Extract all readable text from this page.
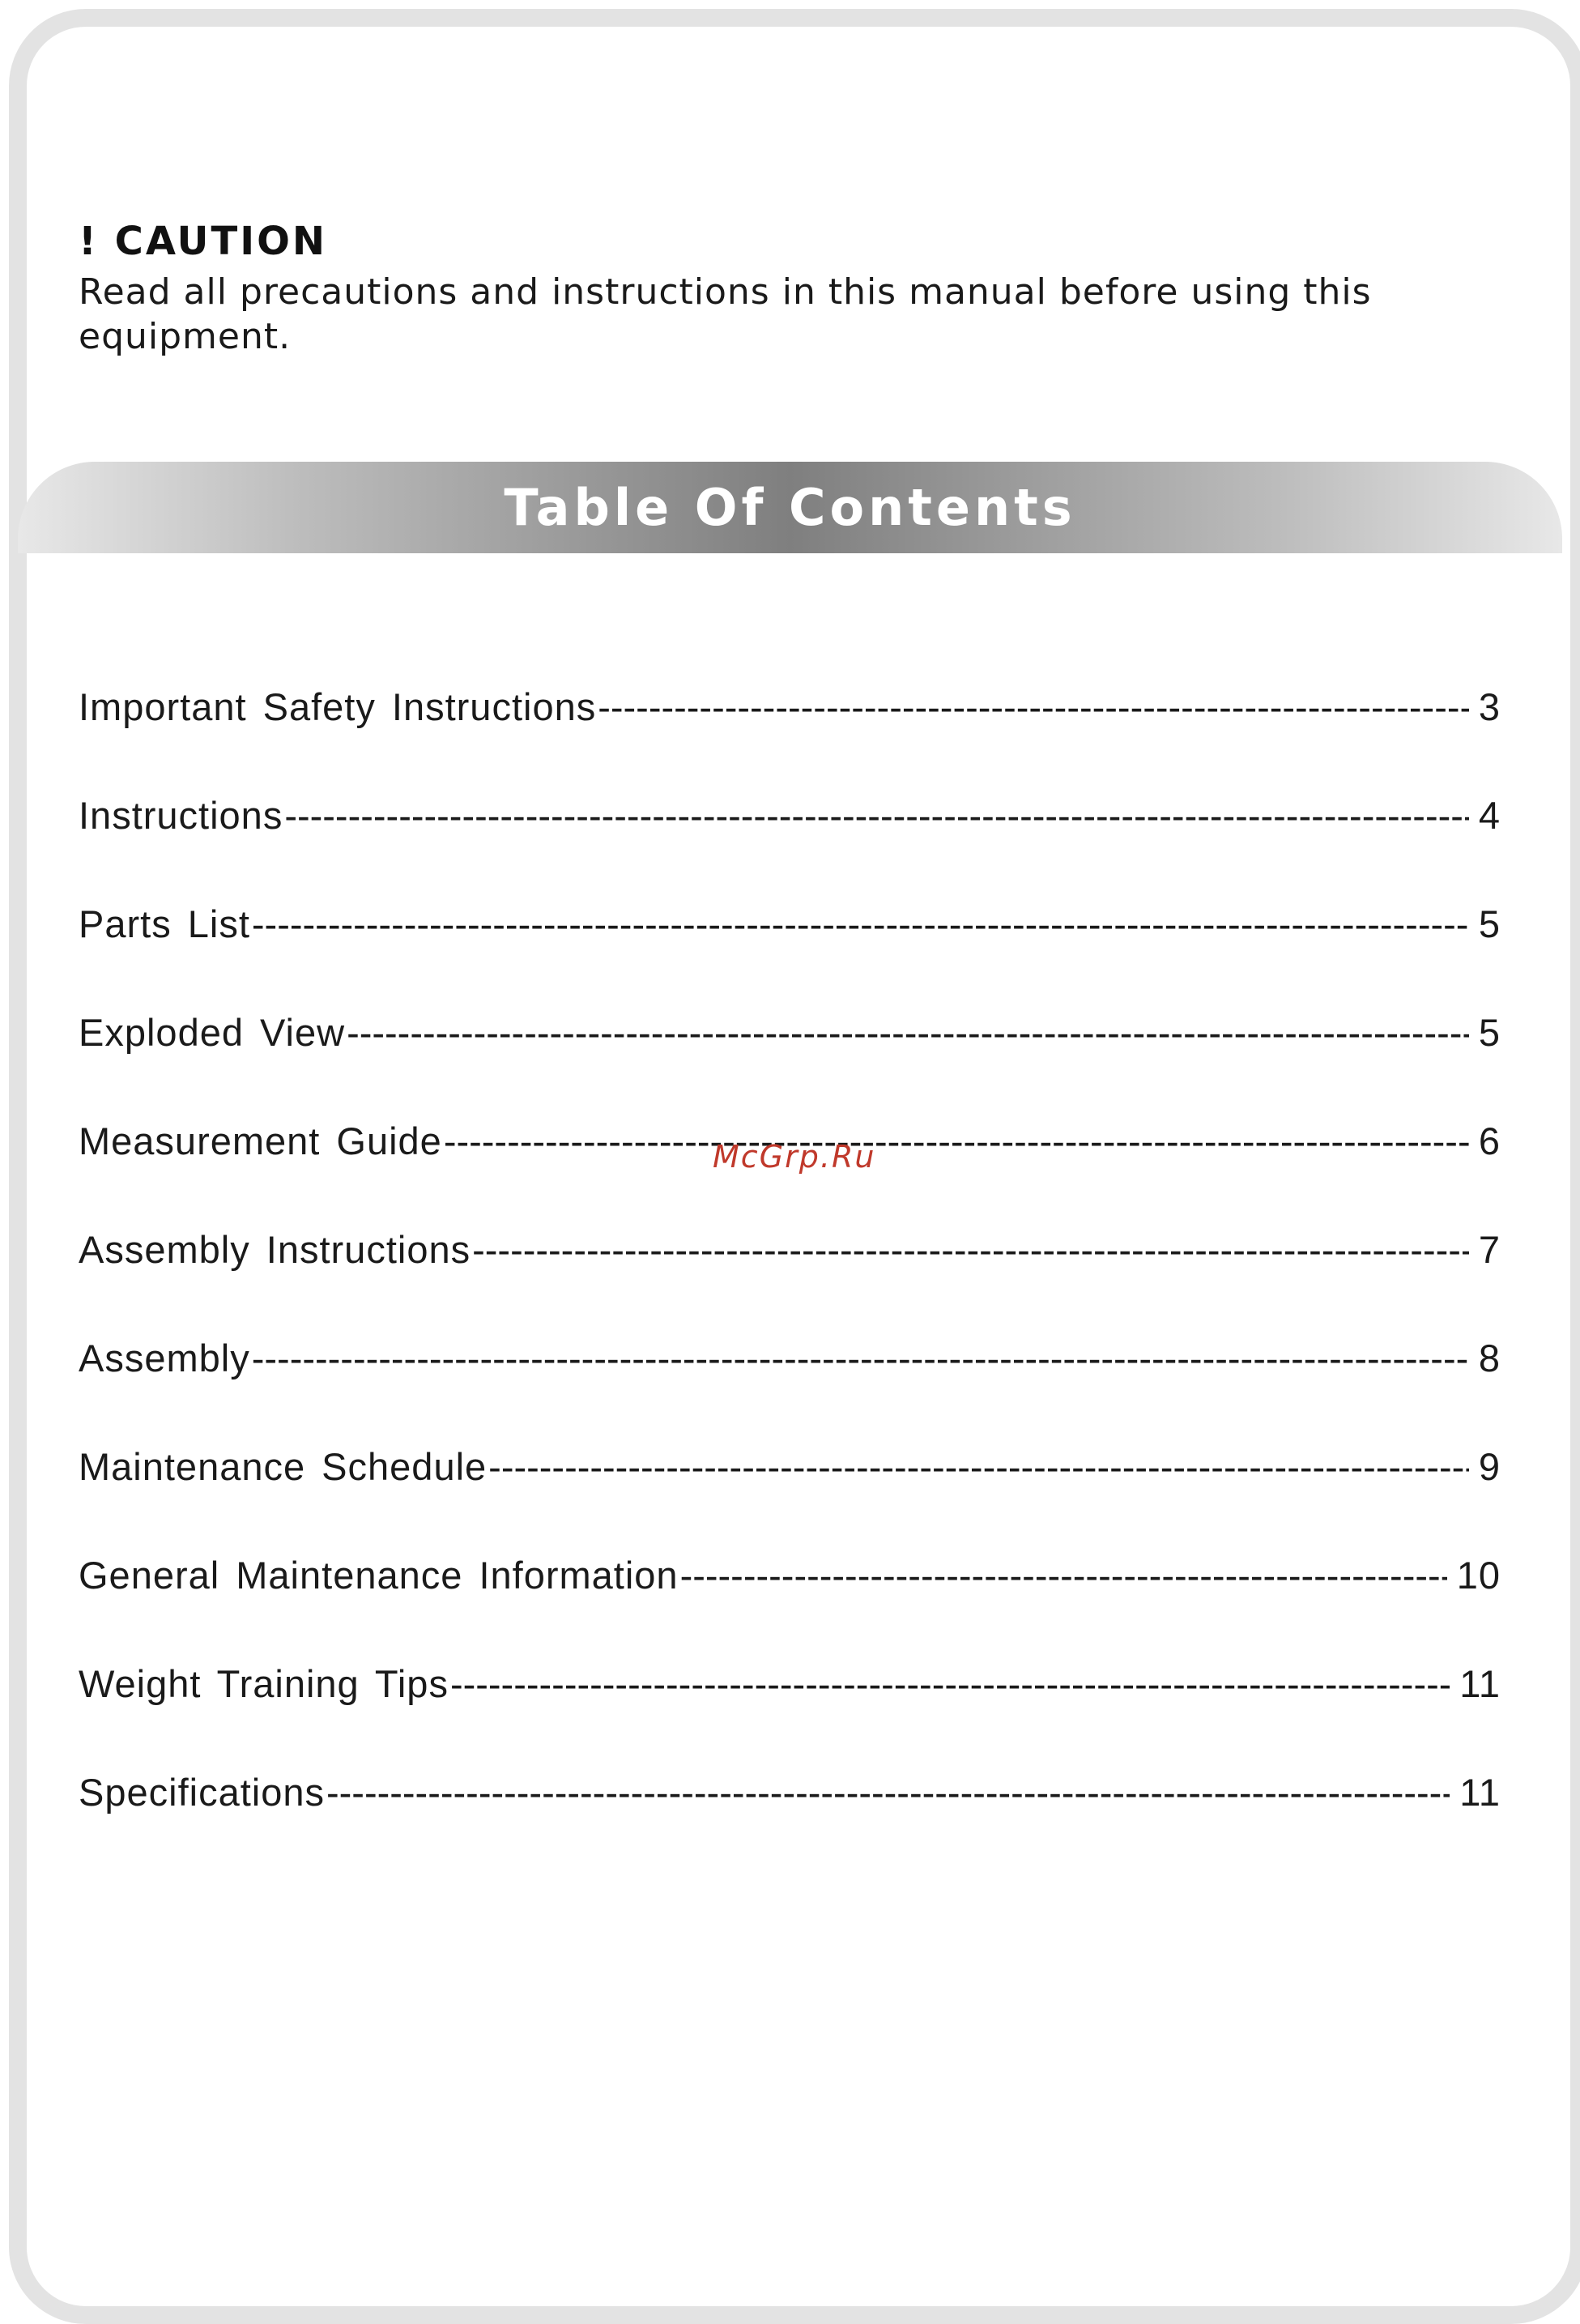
! CAUTION
Read all precautions and instructions in this manual before using this equipment.
Table Of Contents
Important Safety Instructions -----	3
Instructions -----	4
Parts List -----	5
Exploded View -----	5
Measurement Guide -----	6
Assembly Instructions -----	7
Assembly -----	8
Maintenance Schedule -----	9
General Maintenance Information -----	10
Weight Training Tips -----	11
Specifications -----	11
McGrp.Ru
